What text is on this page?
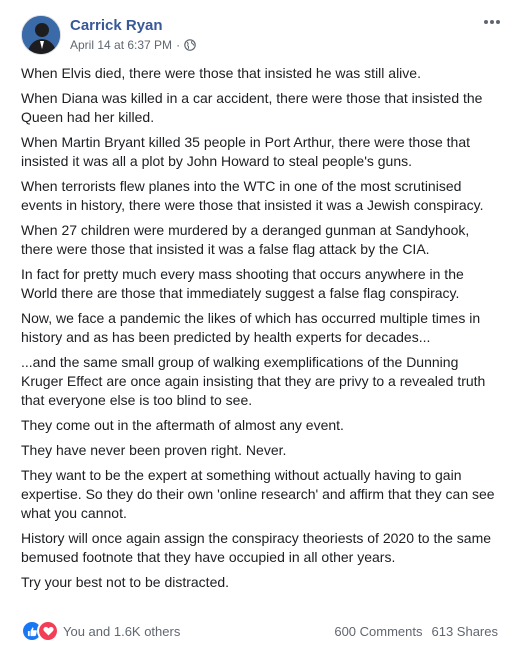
Carrick Ryan
April 14 at 6:37 PM ·

When Elvis died, there were those that insisted he was still alive.

When Diana was killed in a car accident, there were those that insisted the Queen had her killed.

When Martin Bryant killed 35 people in Port Arthur, there were those that insisted it was all a plot by John Howard to steal people's guns.

When terrorists flew planes into the WTC in one of the most scrutinised events in history, there were those that insisted it was a Jewish conspiracy.

When 27 children were murdered by a deranged gunman at Sandyhook, there were those that insisted it was a false flag attack by the CIA.

In fact for pretty much every mass shooting that occurs anywhere in the World there are those that immediately suggest a false flag conspiracy.

Now, we face a pandemic the likes of which has occurred multiple times in history and as has been predicted by health experts for decades...

...and the same small group of walking exemplifications of the Dunning Kruger Effect are once again insisting that they are privy to a revealed truth that everyone else is too blind to see.

They come out in the aftermath of almost any event.

They have never been proven right. Never.

They want to be the expert at something without actually having to gain expertise. So they do their own 'online research' and affirm that they can see what you cannot.

History will once again assign the conspiracy theoriests of 2020 to the same bemused footnote that they have occupied in all other years.

Try your best not to be distracted.

You and 1.6K others	600 Comments 613 Shares
